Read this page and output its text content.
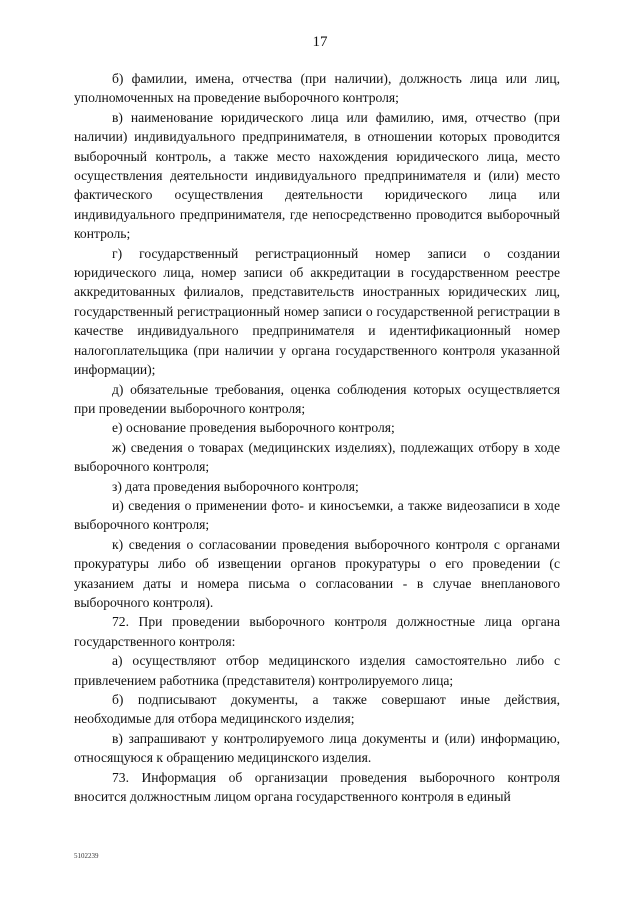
17

б) фамилии, имена, отчества (при наличии), должность лица или лиц, уполномоченных на проведение выборочного контроля;

в) наименование юридического лица или фамилию, имя, отчество (при наличии) индивидуального предпринимателя, в отношении которых проводится выборочный контроль, а также место нахождения юридического лица, место осуществления деятельности индивидуального предпринимателя и (или) место фактического осуществления деятельности юридического лица или индивидуального предпринимателя, где непосредственно проводится выборочный контроль;

г) государственный регистрационный номер записи о создании юридического лица, номер записи об аккредитации в государственном реестре аккредитованных филиалов, представительств иностранных юридических лиц, государственный регистрационный номер записи о государственной регистрации в качестве индивидуального предпринимателя и идентификационный номер налогоплательщика (при наличии у органа государственного контроля указанной информации);

д) обязательные требования, оценка соблюдения которых осуществляется при проведении выборочного контроля;

е) основание проведения выборочного контроля;

ж) сведения о товарах (медицинских изделиях), подлежащих отбору в ходе выборочного контроля;

з) дата проведения выборочного контроля;

и) сведения о применении фото- и киносъемки, а также видеозаписи в ходе выборочного контроля;

к) сведения о согласовании проведения выборочного контроля с органами прокуратуры либо об извещении органов прокуратуры о его проведении (с указанием даты и номера письма о согласовании - в случае внепланового выборочного контроля).

72. При проведении выборочного контроля должностные лица органа государственного контроля:

а) осуществляют отбор медицинского изделия самостоятельно либо с привлечением работника (представителя) контролируемого лица;

б) подписывают документы, а также совершают иные действия, необходимые для отбора медицинского изделия;

в) запрашивают у контролируемого лица документы и (или) информацию, относящуюся к обращению медицинского изделия.

73. Информация об организации проведения выборочного контроля вносится должностным лицом органа государственного контроля в единый

5102239
